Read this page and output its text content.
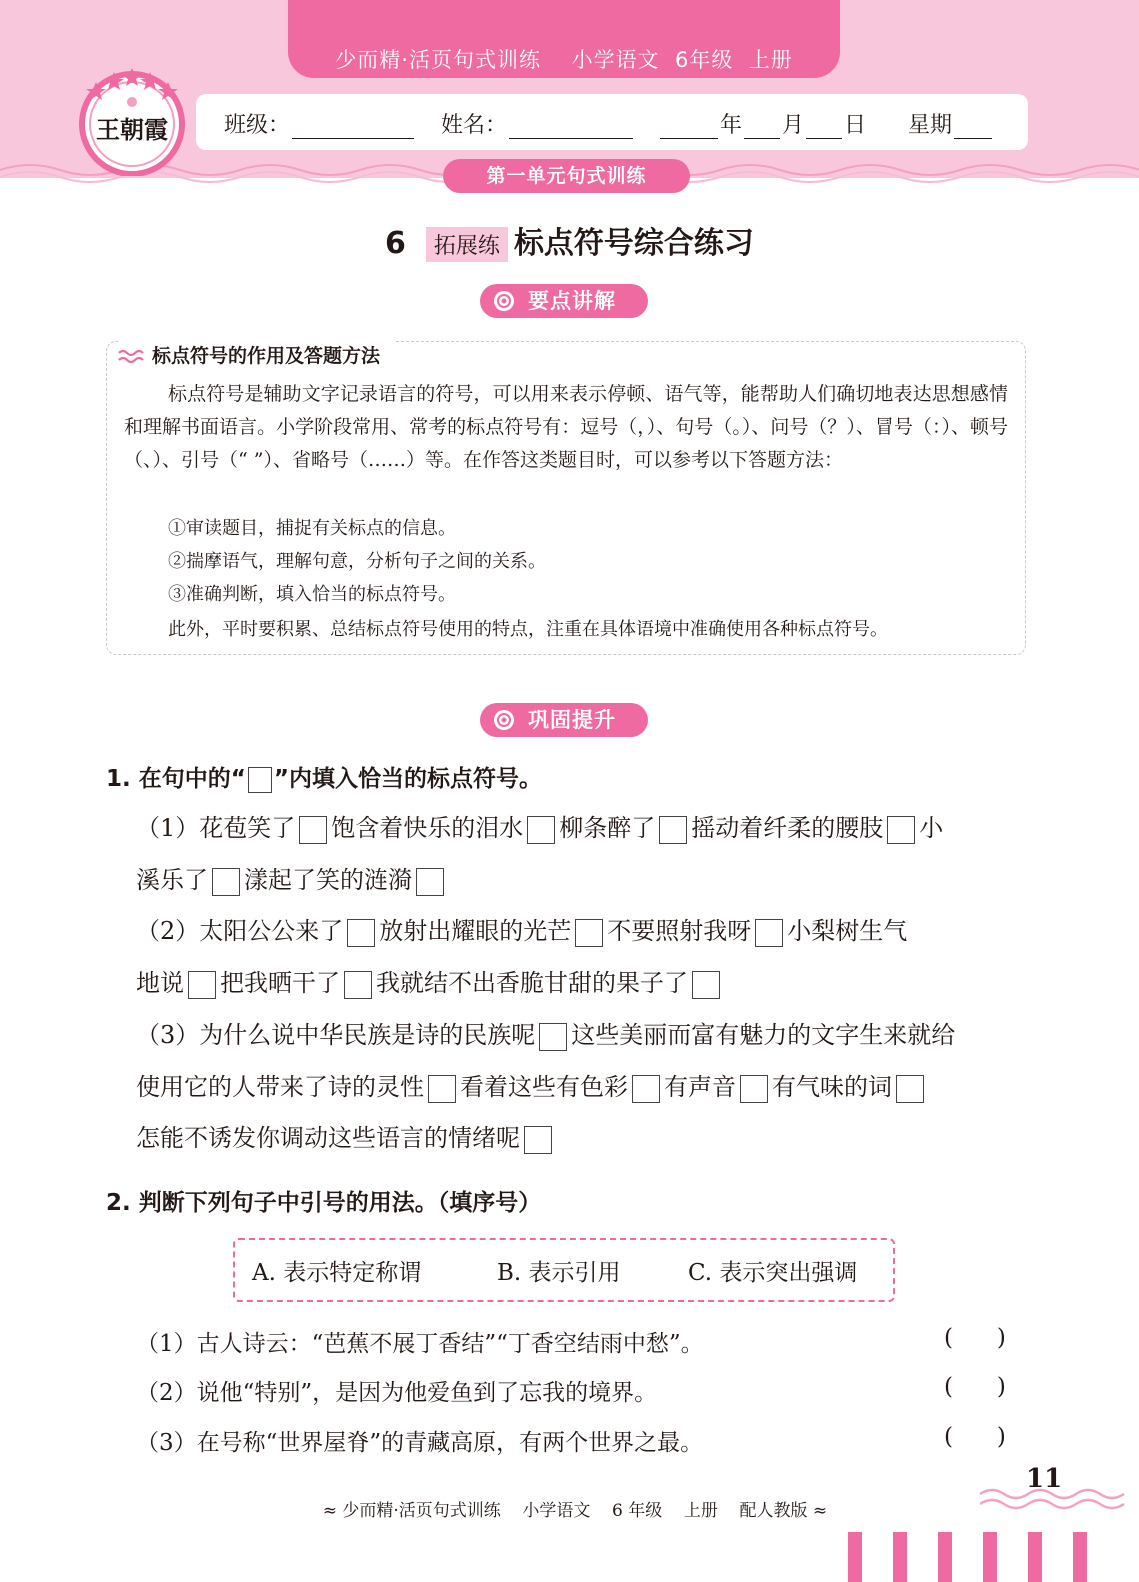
少而精·活页句式训练    小学语文  6年级  上册
王朝霞	班级：	姓名：	年 月 日 星期
第一单元句式训练
6 拓展练 标点符号综合练习
要点讲解
标点符号的作用及答题方法
标点符号是辅助文字记录语言的符号，可以用来表示停顿、语气等，能帮助人们确切地表达思想感情和理解书面语言。小学阶段常用、常考的标点符号有：逗号（，）、句号（。）、问号（？）、冒号（：）、顿号（、）、引号（“ ”）、省略号（……）等。在作答这类题目时，可以参考以下答题方法：
①审读题目，捕捉有关标点的信息。
②揣摩语气，理解句意，分析句子之间的关系。
③准确判断，填入恰当的标点符号。
此外，平时要积累、总结标点符号使用的特点，注重在具体语境中准确使用各种标点符号。
巩固提升
1. 在句中的“ ”内填入恰当的标点符号。
（1）花苞笑了 饱含着快乐的泪水 柳条醉了 摇动着纤柔的腰肢 小
溪乐了 漾起了笑的涟漪
（2）太阳公公来了 放射出耀眼的光芒 不要照射我呀 小梨树生气
地说 把我晒干了 我就结不出香脆甘甜的果子了
（3）为什么说中华民族是诗的民族呢 这些美丽而富有魅力的文字生来就给
使用它的人带来了诗的灵性 看着这些有色彩 有声音 有气味的词
怎能不诱发你调动这些语言的情绪呢
2. 判断下列句子中引号的用法。（填序号）
A. 表示特定称谓	B. 表示引用	C. 表示突出强调
（1）古人诗云：“芭蕉不展丁香结”“丁香空结雨中愁”。	(      )
（2）说他“特别”，是因为他爱鱼到了忘我的境界。	(      )
（3）在号称“世界屋脊”的青藏高原，有两个世界之最。	(      )

≈ 少而精·活页句式训练    小学语文    6 年级    上册    配人教版 ≈

11
